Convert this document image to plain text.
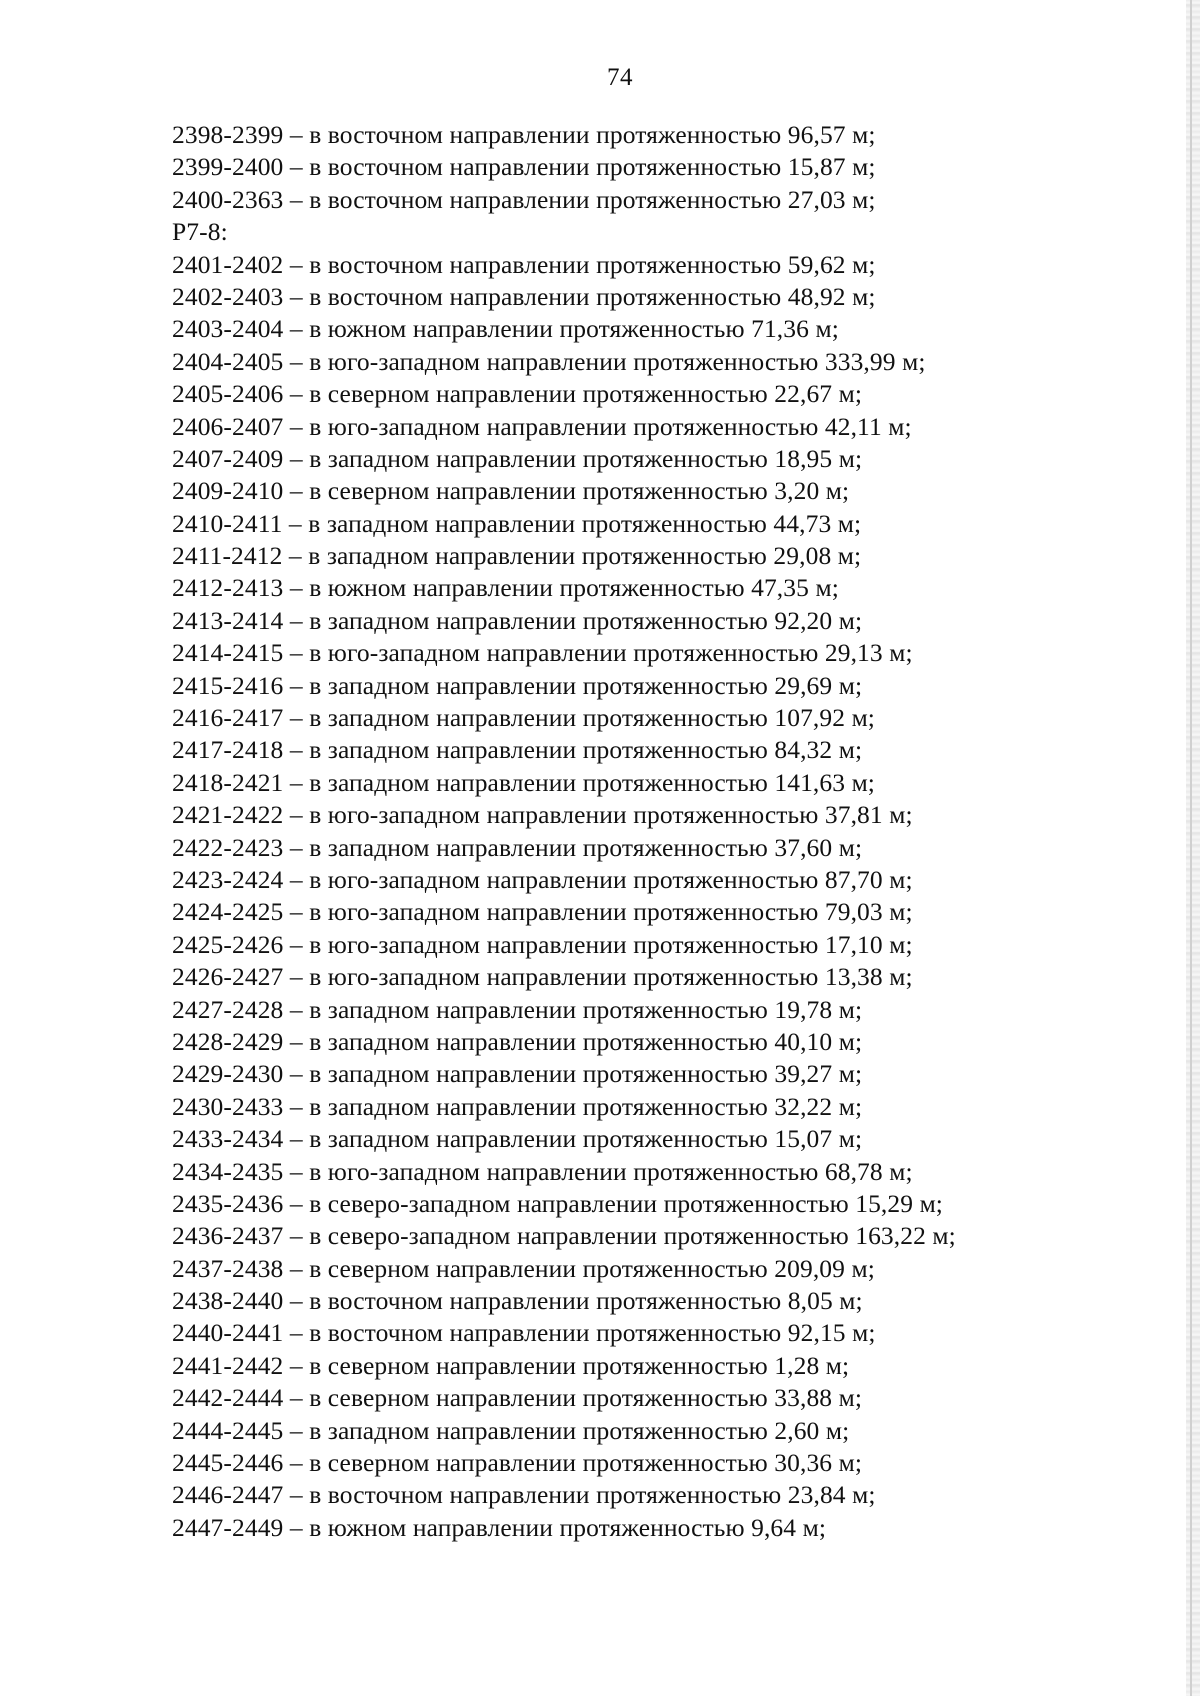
74
2398-2399 – в восточном направлении протяженностью 96,57 м;
2399-2400 – в восточном направлении протяженностью 15,87 м;
2400-2363 – в восточном направлении протяженностью 27,03 м;
Р7-8:
2401-2402 – в восточном направлении протяженностью 59,62 м;
2402-2403 – в восточном направлении протяженностью 48,92 м;
2403-2404 – в южном направлении протяженностью 71,36 м;
2404-2405 – в юго-западном направлении протяженностью 333,99 м;
2405-2406 – в северном направлении протяженностью 22,67 м;
2406-2407 – в юго-западном направлении протяженностью 42,11 м;
2407-2409 – в западном направлении протяженностью 18,95 м;
2409-2410 – в северном направлении протяженностью 3,20 м;
2410-2411 – в западном направлении протяженностью 44,73 м;
2411-2412 – в западном направлении протяженностью 29,08 м;
2412-2413 – в южном направлении протяженностью 47,35 м;
2413-2414 – в западном направлении протяженностью 92,20 м;
2414-2415 – в юго-западном направлении протяженностью 29,13 м;
2415-2416 – в западном направлении протяженностью 29,69 м;
2416-2417 – в западном направлении протяженностью 107,92 м;
2417-2418 – в западном направлении протяженностью 84,32 м;
2418-2421 – в западном направлении протяженностью 141,63 м;
2421-2422 – в юго-западном направлении протяженностью 37,81 м;
2422-2423 – в западном направлении протяженностью 37,60 м;
2423-2424 – в юго-западном направлении протяженностью 87,70 м;
2424-2425 – в юго-западном направлении протяженностью 79,03 м;
2425-2426 – в юго-западном направлении протяженностью 17,10 м;
2426-2427 – в юго-западном направлении протяженностью 13,38 м;
2427-2428 – в западном направлении протяженностью 19,78 м;
2428-2429 – в западном направлении протяженностью 40,10 м;
2429-2430 – в западном направлении протяженностью 39,27 м;
2430-2433 – в западном направлении протяженностью 32,22 м;
2433-2434 – в западном направлении протяженностью 15,07 м;
2434-2435 – в юго-западном направлении протяженностью 68,78 м;
2435-2436 – в северо-западном направлении протяженностью 15,29 м;
2436-2437 – в северо-западном направлении протяженностью 163,22 м;
2437-2438 – в северном направлении протяженностью 209,09 м;
2438-2440 – в восточном направлении протяженностью 8,05 м;
2440-2441 – в восточном направлении протяженностью 92,15 м;
2441-2442 – в северном направлении протяженностью 1,28 м;
2442-2444 – в северном направлении протяженностью 33,88 м;
2444-2445 – в западном направлении протяженностью 2,60 м;
2445-2446 – в северном направлении протяженностью 30,36 м;
2446-2447 – в восточном направлении протяженностью 23,84 м;
2447-2449 – в южном направлении протяженностью 9,64 м;
